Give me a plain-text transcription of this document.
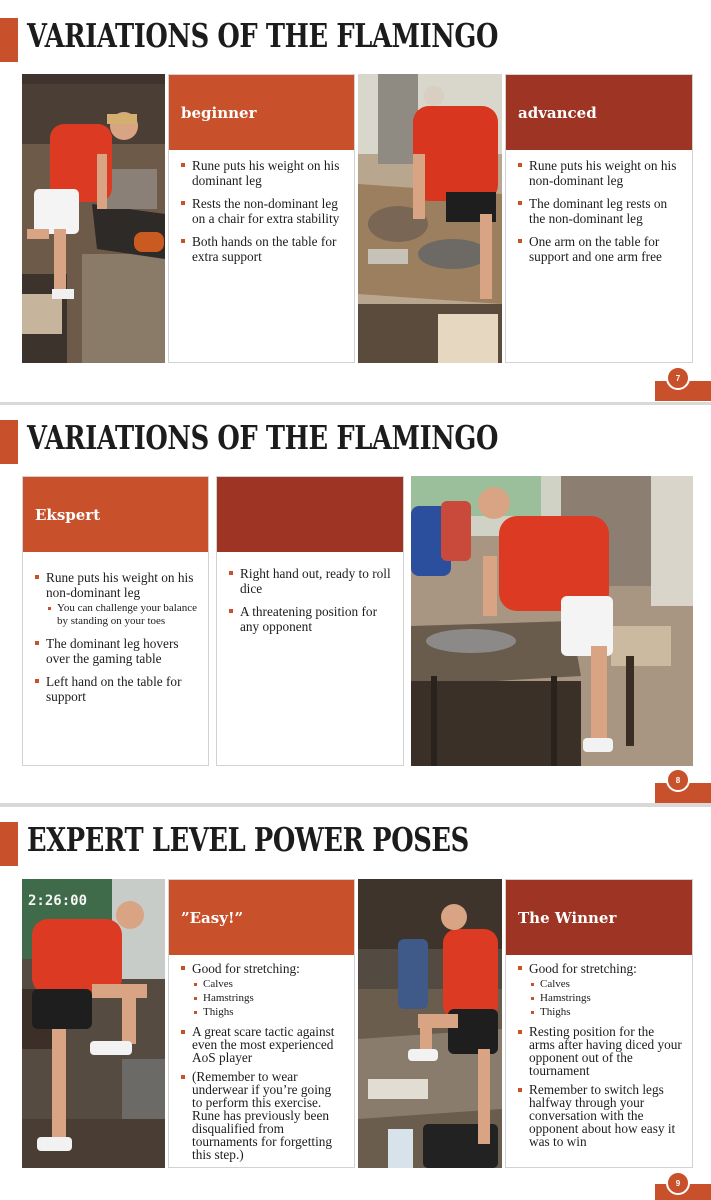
VARIATIONS OF THE FLAMINGO
beginner
Rune puts his weight on his dominant leg
Rests the non-dominant leg on a chair for extra stability
Both hands on the table for extra support
advanced
Rune puts his weight on his non-dominant leg
The dominant leg rests on the non-dominant leg
One arm on the table for support and one arm free
7
VARIATIONS OF THE FLAMINGO
Ekspert
Rune puts his weight on his non-dominant leg
You can challenge your balance by standing on your toes
The dominant leg hovers over the gaming table
Left hand on the table for support
Right hand out, ready to roll dice
A threatening position for any opponent
8
EXPERT LEVEL POWER POSES
2:26:00
”Easy!”
Good for stretching:
Calves
Hamstrings
Thighs
A great scare tactic against even the most experienced AoS player
(Remember to wear underwear if you’re going to perform this exercise. Rune has previously been disqualified from tournaments for forgetting this step.)
The Winner
Good for stretching:
Calves
Hamstrings
Thighs
Resting position for the arms after having diced your opponent out of the tournament
Remember to switch legs halfway through your conversation with the opponent about how easy it was to win
9
